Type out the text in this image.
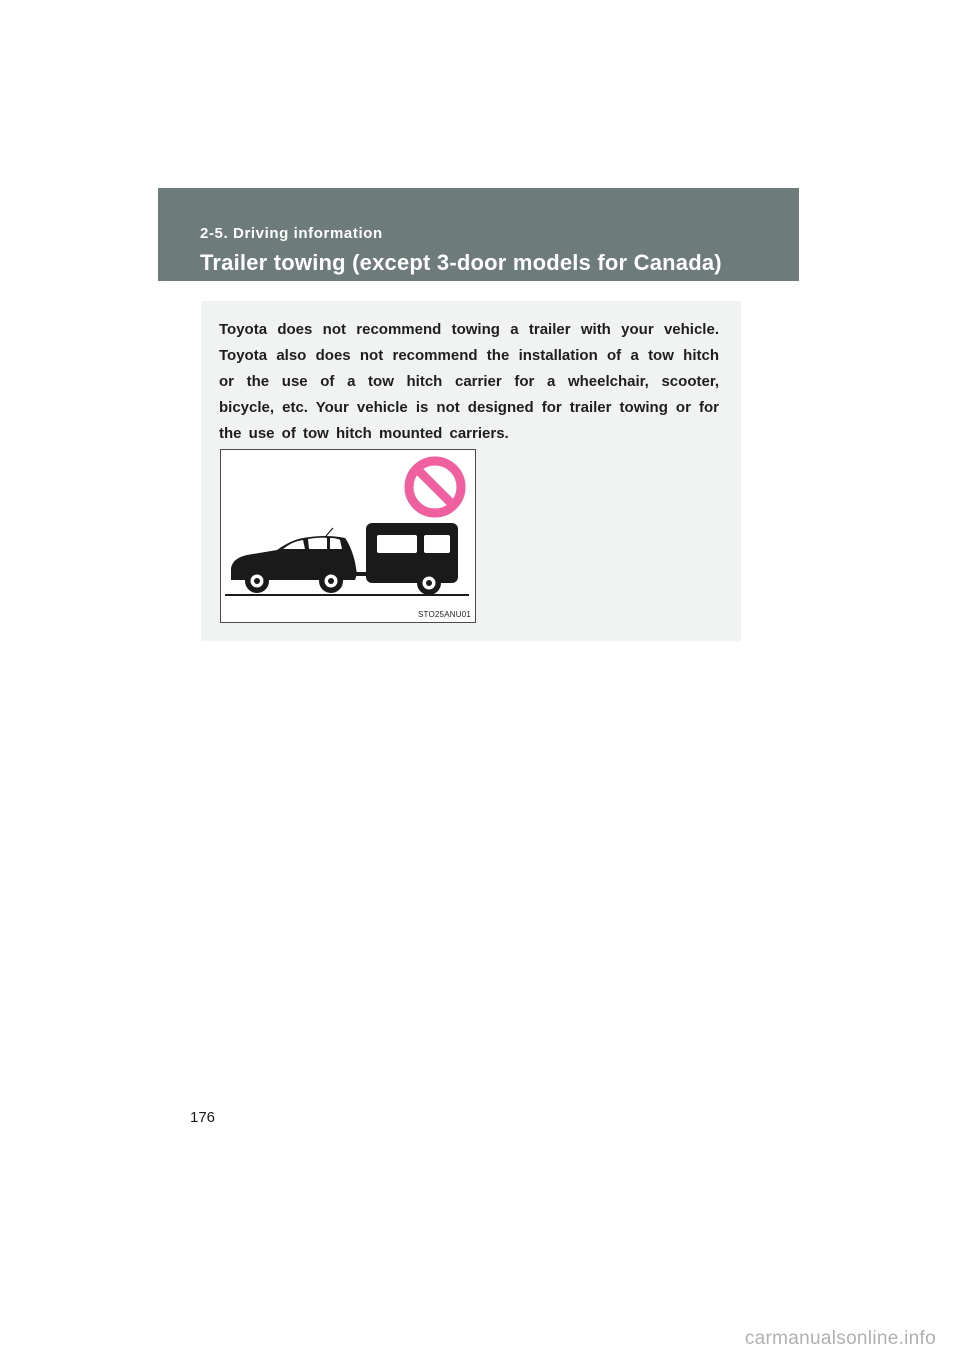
2-5. Driving information
Trailer towing (except 3-door models for Canada)
Toyota does not recommend towing a trailer with your vehicle. Toyota also does not recommend the installation of a tow hitch or the use of a tow hitch carrier for a wheelchair, scooter, bicycle, etc. Your vehicle is not designed for trailer towing or for the use of tow hitch mounted carriers.
STO25ANU01
176
carmanualsonline.info
